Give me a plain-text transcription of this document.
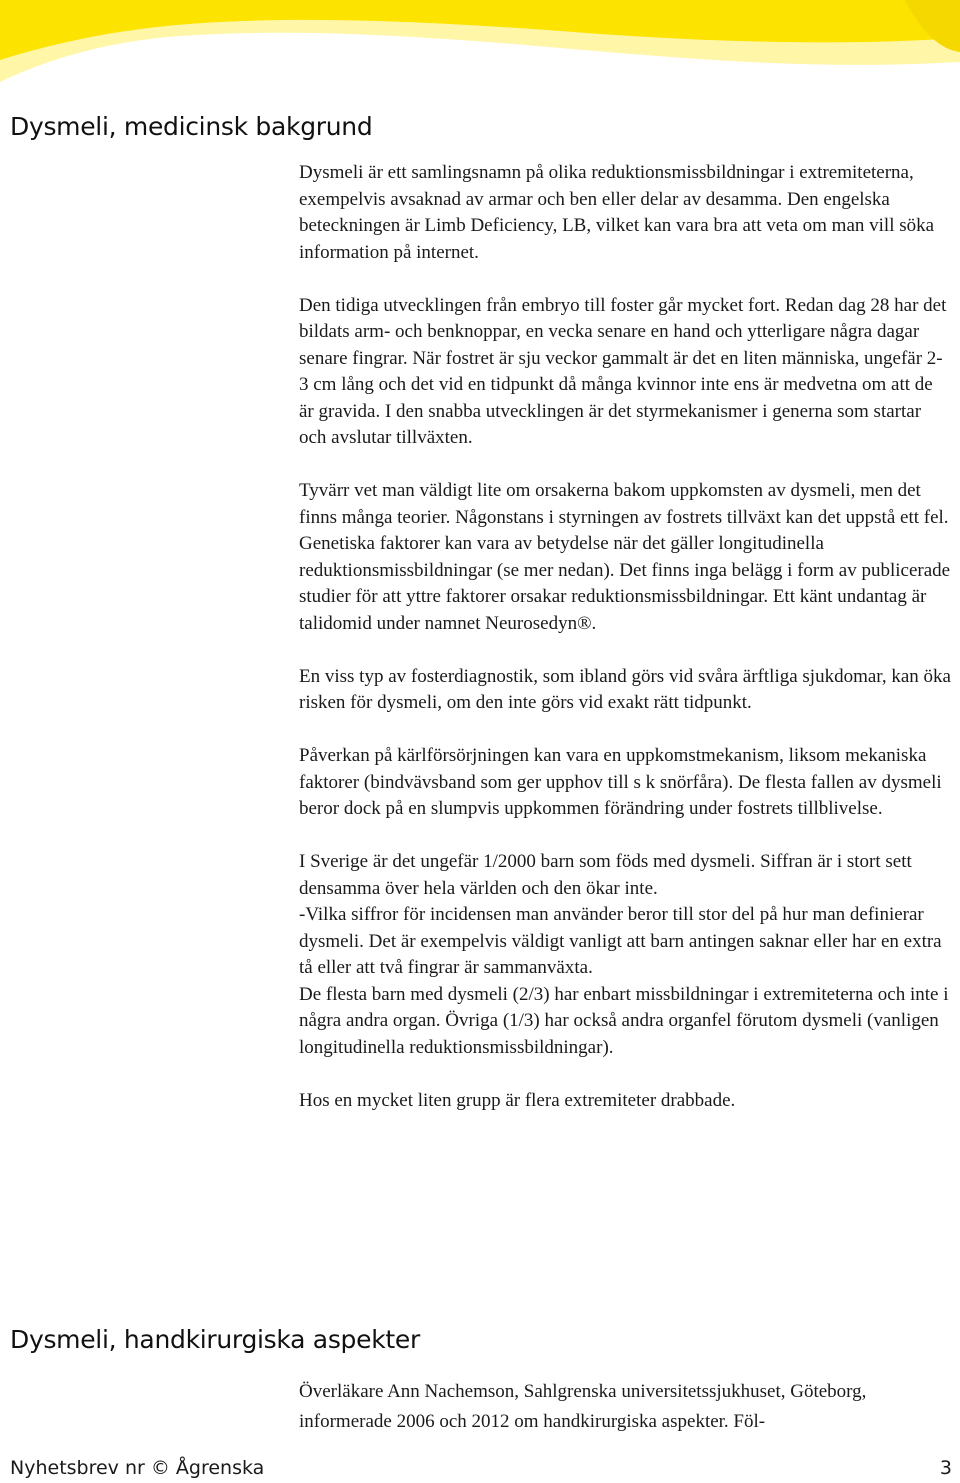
Dysmeli, medicinsk bakgrund

Dysmeli är ett samlingsnamn på olika reduktionsmissbildningar i extremiteterna, exempelvis avsaknad av armar och ben eller delar av desamma. Den engelska beteckningen är Limb Deficiency, LB, vilket kan vara bra att veta om man vill söka information på internet.

Den tidiga utvecklingen från embryo till foster går mycket fort. Redan dag 28 har det bildats arm- och benknoppar, en vecka senare en hand och ytterligare några dagar senare fingrar. När fostret är sju veckor gammalt är det en liten människa, ungefär 2-3 cm lång och det vid en tidpunkt då många kvinnor inte ens är medvetna om att de är gravida. I den snabba utvecklingen är det styrmekanismer i generna som startar och avslutar tillväxten.

Tyvärr vet man väldigt lite om orsakerna bakom uppkomsten av dysmeli, men det finns många teorier. Någonstans i styrningen av fostrets tillväxt kan det uppstå ett fel. Genetiska faktorer kan vara av betydelse när det gäller longitudinella reduktionsmissbildningar (se mer nedan). Det finns inga belägg i form av publicerade studier för att yttre faktorer orsakar reduktionsmissbildningar. Ett känt undantag är talidomid under namnet Neurosedyn®.

En viss typ av fosterdiagnostik, som ibland görs vid svåra ärftliga sjukdomar, kan öka risken för dysmeli, om den inte görs vid exakt rätt tidpunkt.

Påverkan på kärlförsörjningen kan vara en uppkomstmekanism, liksom mekaniska faktorer (bindvävsband som ger upphov till s k snörfåra). De flesta fallen av dysmeli beror dock på en slumpvis uppkommen förändring under fostrets tillblivelse.

I Sverige är det ungefär 1/2000 barn som föds med dysmeli. Siffran är i stort sett densamma över hela världen och den ökar inte.

-Vilka siffror för incidensen man använder beror till stor del på hur man definierar dysmeli. Det är exempelvis väldigt vanligt att barn antingen saknar eller har en extra tå eller att två fingrar är sammanväxta.

De flesta barn med dysmeli (2/3) har enbart missbildningar i extremiteterna och inte i några andra organ. Övriga (1/3) har också andra organfel förutom dysmeli (vanligen longitudinella reduktionsmissbildningar).

Hos en mycket liten grupp är flera extremiteter drabbade.

Dysmeli, handkirurgiska aspekter

Överläkare Ann Nachemson, Sahlgrenska universitetssjukhuset, Göteborg, informerade 2006 och 2012 om handkirurgiska aspekter. Föl-

Nyhetsbrev nr © Ågrenska	3
